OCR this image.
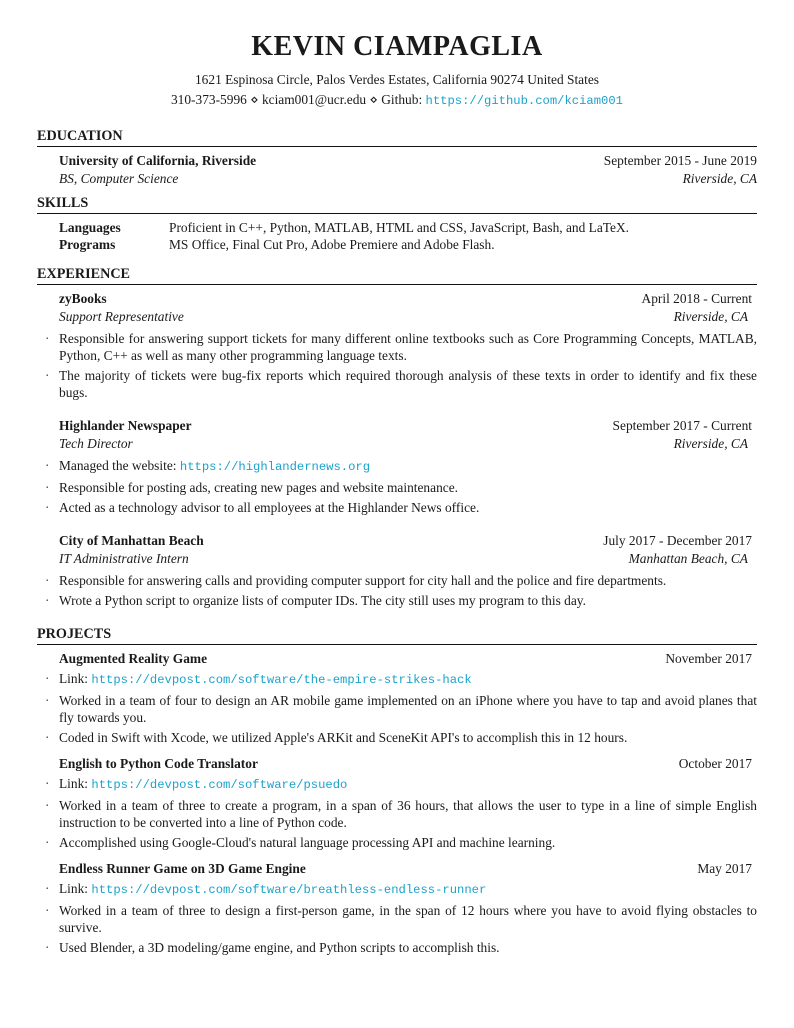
KEVIN CIAMPAGLIA
1621 Espinosa Circle, Palos Verdes Estates, California 90274 United States
310-373-5996 ⋄ kciam001@ucr.edu ⋄ Github: https://github.com/kciam001
EDUCATION
University of California, Riverside	September 2015 - June 2019
BS, Computer Science	Riverside, CA
SKILLS
Languages	Proficient in C++, Python, MATLAB, HTML and CSS, JavaScript, Bash, and LaTeX.
Programs	MS Office, Final Cut Pro, Adobe Premiere and Adobe Flash.
EXPERIENCE
zyBooks	April 2018 - Current
Support Representative	Riverside, CA
· Responsible for answering support tickets for many different online textbooks such as Core Programming Concepts, MATLAB, Python, C++ as well as many other programming language texts.
· The majority of tickets were bug-fix reports which required thorough analysis of these texts in order to identify and fix these bugs.
Highlander Newspaper	September 2017 - Current
Tech Director	Riverside, CA
· Managed the website: https://highlandernews.org
· Responsible for posting ads, creating new pages and website maintenance.
· Acted as a technology advisor to all employees at the Highlander News office.
City of Manhattan Beach	July 2017 - December 2017
IT Administrative Intern	Manhattan Beach, CA
· Responsible for answering calls and providing computer support for city hall and the police and fire departments.
· Wrote a Python script to organize lists of computer IDs. The city still uses my program to this day.
PROJECTS
Augmented Reality Game	November 2017
· Link: https://devpost.com/software/the-empire-strikes-hack
· Worked in a team of four to design an AR mobile game implemented on an iPhone where you have to tap and avoid planes that fly towards you.
· Coded in Swift with Xcode, we utilized Apple's ARKit and SceneKit API's to accomplish this in 12 hours.
English to Python Code Translator	October 2017
· Link: https://devpost.com/software/psuedo
· Worked in a team of three to create a program, in a span of 36 hours, that allows the user to type in a line of simple English instruction to be converted into a line of Python code.
· Accomplished using Google-Cloud's natural language processing API and machine learning.
Endless Runner Game on 3D Game Engine	May 2017
· Link: https://devpost.com/software/breathless-endless-runner
· Worked in a team of three to design a first-person game, in the span of 12 hours where you have to avoid flying obstacles to survive.
· Used Blender, a 3D modeling/game engine, and Python scripts to accomplish this.
